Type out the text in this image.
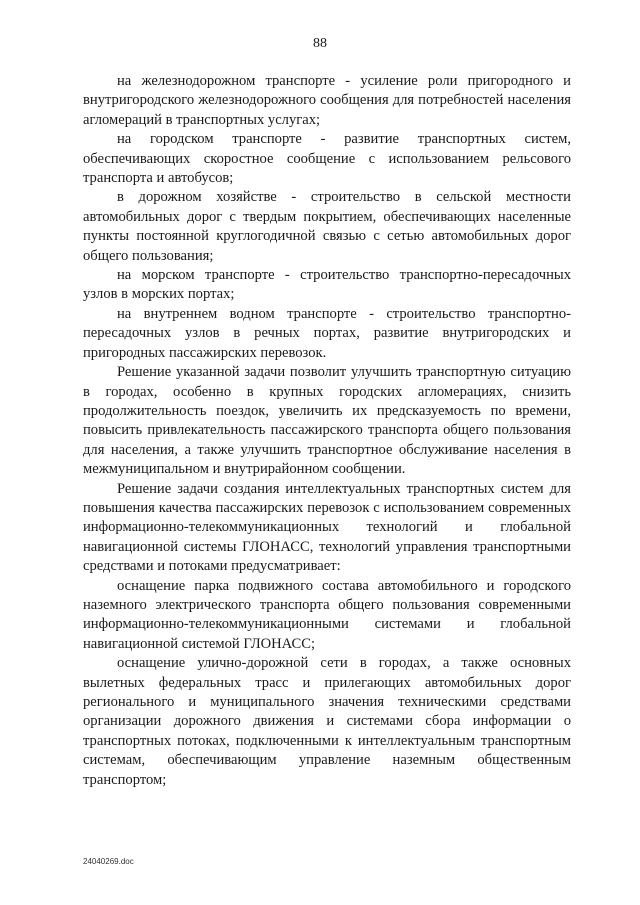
88

на железнодорожном транспорте - усиление роли пригородного и внутригородского железнодорожного сообщения для потребностей населения агломераций в транспортных услугах;

на городском транспорте - развитие транспортных систем, обеспечивающих скоростное сообщение с использованием рельсового транспорта и автобусов;

в дорожном хозяйстве - строительство в сельской местности автомобильных дорог с твердым покрытием, обеспечивающих населенные пункты постоянной круглогодичной связью с сетью автомобильных дорог общего пользования;

на морском транспорте - строительство транспортно-пересадочных узлов в морских портах;

на внутреннем водном транспорте - строительство транспортно-пересадочных узлов в речных портах, развитие внутригородских и пригородных пассажирских перевозок.

Решение указанной задачи позволит улучшить транспортную ситуацию в городах, особенно в крупных городских агломерациях, снизить продолжительность поездок, увеличить их предсказуемость по времени, повысить привлекательность пассажирского транспорта общего пользования для населения, а также улучшить транспортное обслуживание населения в межмуниципальном и внутрирайонном сообщении.

Решение задачи создания интеллектуальных транспортных систем для повышения качества пассажирских перевозок с использованием современных информационно-телекоммуникационных технологий и глобальной навигационной системы ГЛОНАСС, технологий управления транспортными средствами и потоками предусматривает:

оснащение парка подвижного состава автомобильного и городского наземного электрического транспорта общего пользования современными информационно-телекоммуникационными системами и глобальной навигационной системой ГЛОНАСС;

оснащение улично-дорожной сети в городах, а также основных вылетных федеральных трасс и прилегающих автомобильных дорог регионального и муниципального значения техническими средствами организации дорожного движения и системами сбора информации о транспортных потоках, подключенными к интеллектуальным транспортным системам, обеспечивающим управление наземным общественным транспортом;

24040269.doc
